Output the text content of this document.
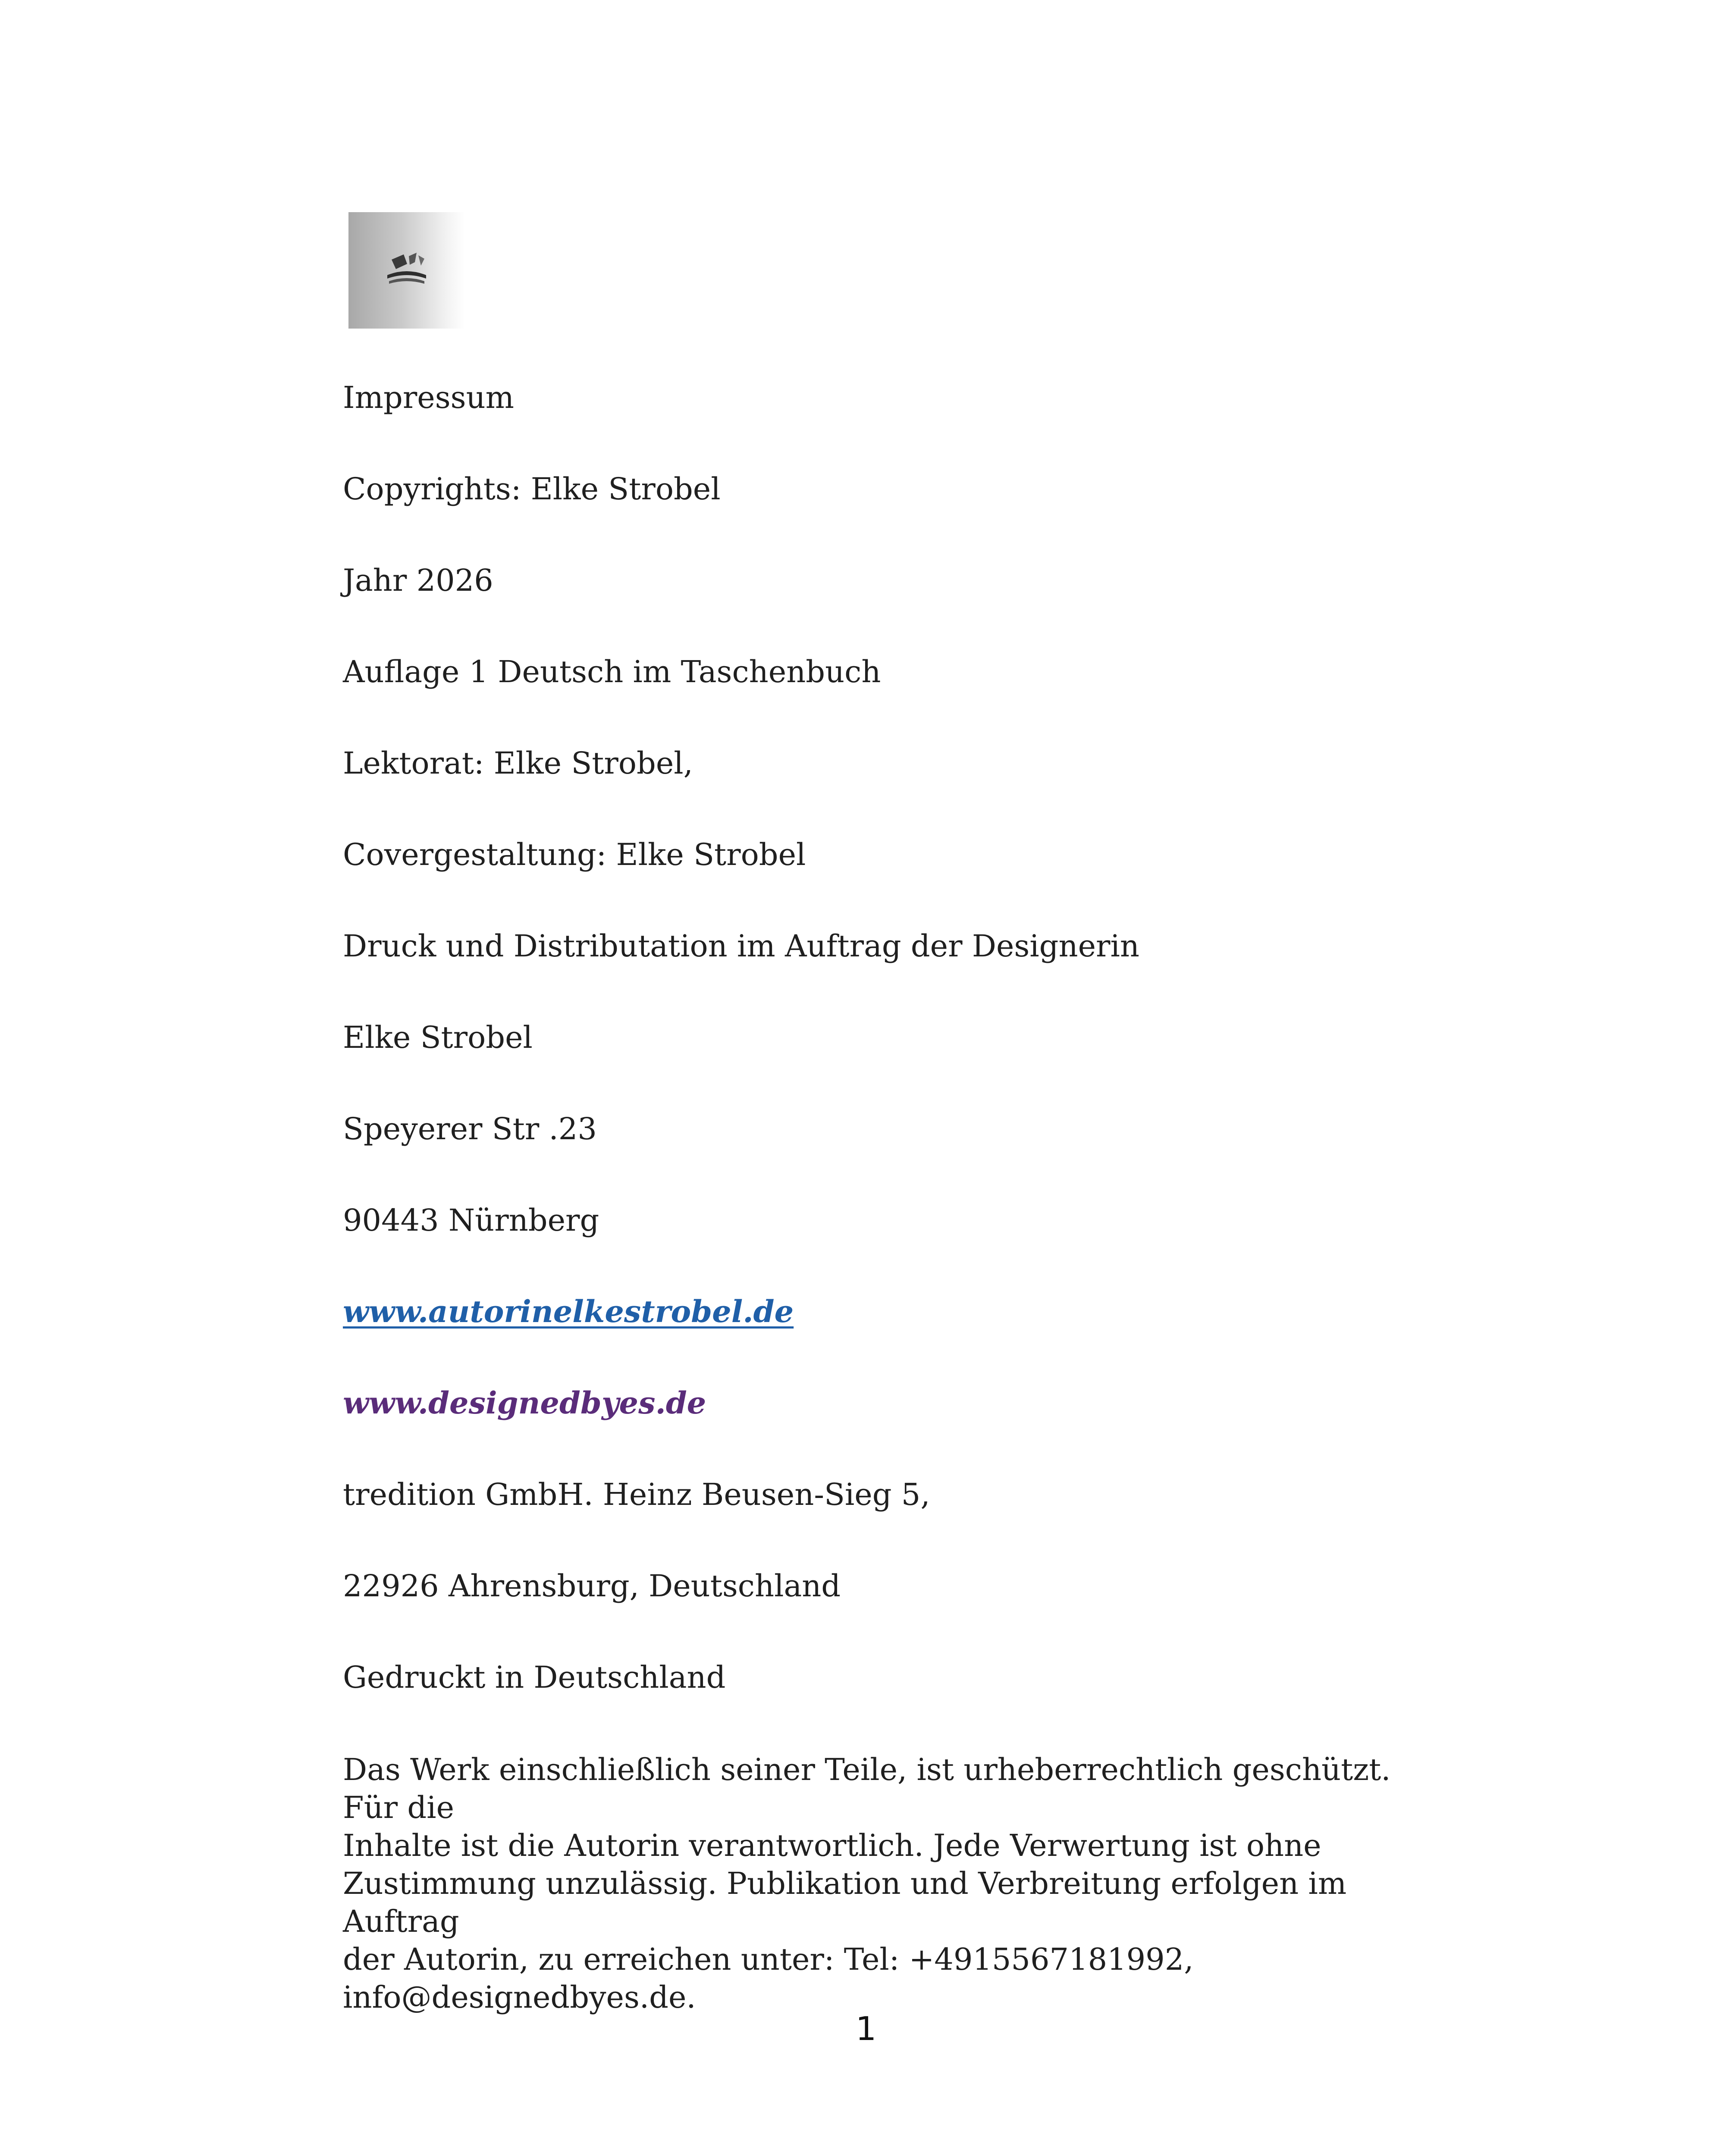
Impressum
Copyrights: Elke Strobel
Jahr 2026
Auflage 1 Deutsch im Taschenbuch
Lektorat: Elke Strobel,
Covergestaltung: Elke Strobel
Druck und Distributation im Auftrag der Designerin
Elke Strobel
Speyerer Str .23
90443 Nürnberg
www.autorinelkestrobel.de
www.designedbyes.de
tredition GmbH. Heinz Beusen-Sieg 5,
22926 Ahrensburg, Deutschland
Gedruckt in Deutschland
Das Werk einschließlich seiner Teile, ist urheberrechtlich geschützt. Für die
Inhalte ist die Autorin verantwortlich. Jede Verwertung ist ohne
Zustimmung unzulässig. Publikation und Verbreitung erfolgen im Auftrag
der Autorin, zu erreichen unter: Tel: +4915567181992, info@designedbyes.de.
1
